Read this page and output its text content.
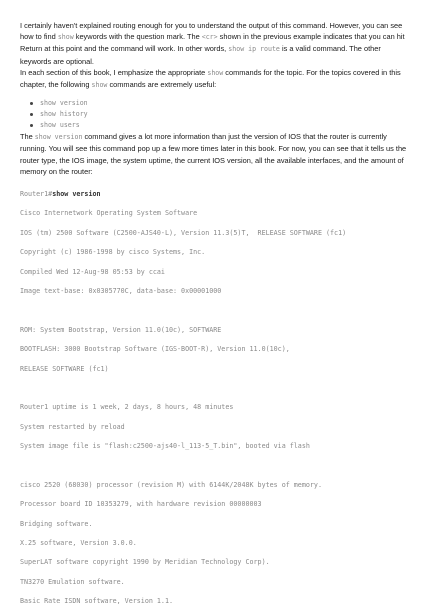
I certainly haven't explained routing enough for you to understand the output of this command. However, you can see how to find show keywords with the question mark. The <cr> shown in the previous example indicates that you can hit Return at this point and the command will work. In other words, show ip route is a valid command. The other keywords are optional.

In each section of this book, I emphasize the appropriate show commands for the topic. For the topics covered in this chapter, the following show commands are extremely useful:

show version
show history
show users

The show version command gives a lot more information than just the version of IOS that the router is currently running. You will see this command pop up a few more times later in this book. For now, you can see that it tells us the router type, the IOS image, the system uptime, the current IOS version, all the available interfaces, and the amount of memory on the router:

Router1#show version
Cisco Internetwork Operating System Software
IOS (tm) 2500 Software (C2500-AJS40-L), Version 11.3(5)T,  RELEASE SOFTWARE (fc1)
Copyright (c) 1986-1998 by cisco Systems, Inc.
Compiled Wed 12-Aug-98 05:53 by ccai
Image text-base: 0x0305770C, data-base: 0x00001000
ROM: System Bootstrap, Version 11.0(10c), SOFTWARE
BOOTFLASH: 3000 Bootstrap Software (IGS-BOOT-R), Version 11.0(10c),
RELEASE SOFTWARE (fc1)
Router1 uptime is 1 week, 2 days, 8 hours, 48 minutes
System restarted by reload
System image file is "flash:c2500-ajs40-l_113-5_T.bin", booted via flash
cisco 2520 (68030) processor (revision M) with 6144K/2048K bytes of memory.
Processor board ID 10353279, with hardware revision 00000003
Bridging software.
X.25 software, Version 3.0.0.
SuperLAT software copyright 1990 by Meridian Technology Corp).
TN3270 Emulation software.
Basic Rate ISDN software, Version 1.1.
